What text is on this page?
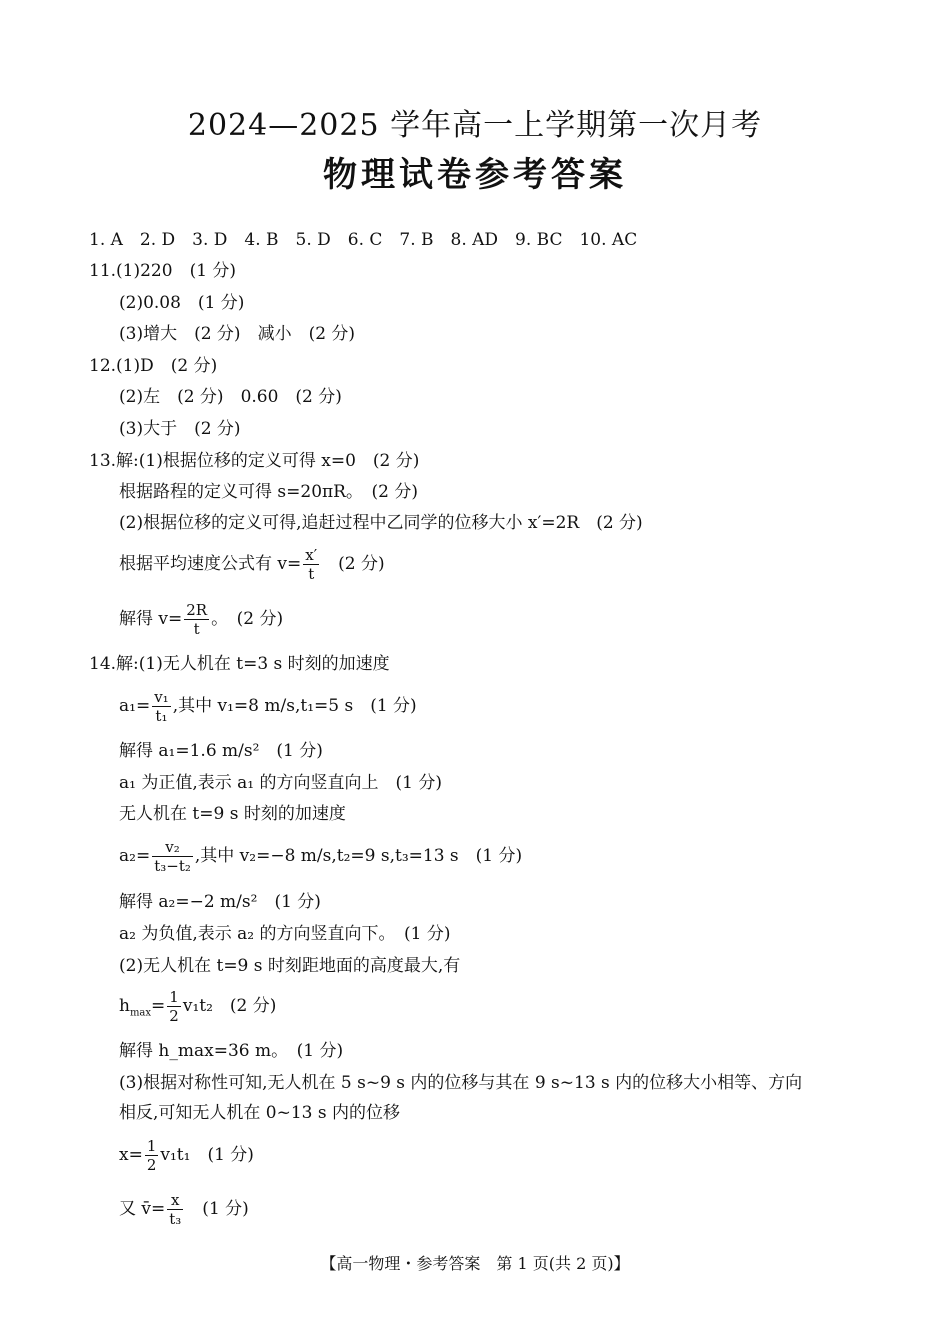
2024—2025 学年高一上学期第一次月考
物理试卷参考答案
1. A　2. D　3. D　4. B　5. D　6. C　7. B　8. AD　9. BC　10. AC
11.(1)220　(1 分)
(2)0.08　(1 分)
(3)增大　(2 分)　减小　(2 分)
12.(1)D　(2 分)
(2)左　(2 分)　0.60　(2 分)
(3)大于　(2 分)
13.解:(1)根据位移的定义可得 x=0　(2 分)
根据路程的定义可得 s=20πR。　(2 分)
(2)根据位移的定义可得,追赶过程中乙同学的位移大小 x′=2R　(2 分)
根据平均速度公式有 $v= \frac{x'}{t}$ 　(2 分)
解得 $v= \frac{2R}{t}$ 。　(2 分)
14.解:(1)无人机在 t=3 s 时刻的加速度
$a_1= \frac{\text{v₁}}{\text{t₁}}$ ,其中 v₁=8 m/s,t₁=5 s　(1 分)
解得 a₁=1.6 m/s²　(1 分)
a₁ 为正值,表示 a₁ 的方向竖直向上　(1 分)
无人机在 t=9 s 时刻的加速度
$a_2= \frac{\text{v₂}}{\text{t₃−t₂}}$ ,其中 v₂=−8 m/s,t₂=9 s,t₃=13 s　(1 分)
解得 a₂=−2 m/s²　(1 分)
a₂ 为负值,表示 a₂ 的方向竖直向下。　(1 分)
(2)无人机在 t=9 s 时刻距地面的高度最大,有
$h_{max}= \frac{1}{2} v_1t_2$　(2 分)
解得 h_max=36 m。　(1 分)
(3)根据对称性可知,无人机在 5 s~9 s 内的位移与其在 9 s~13 s 内的位移大小相等、方向
相反,可知无人机在 0~13 s 内的位移
$x= \frac{1}{2} v_1t_1$　(1 分)
又 v̄= $\frac{x}{\text{t₃}}$ 　(1 分)
【高一物理・参考答案　第 1 页(共 2 页)】
